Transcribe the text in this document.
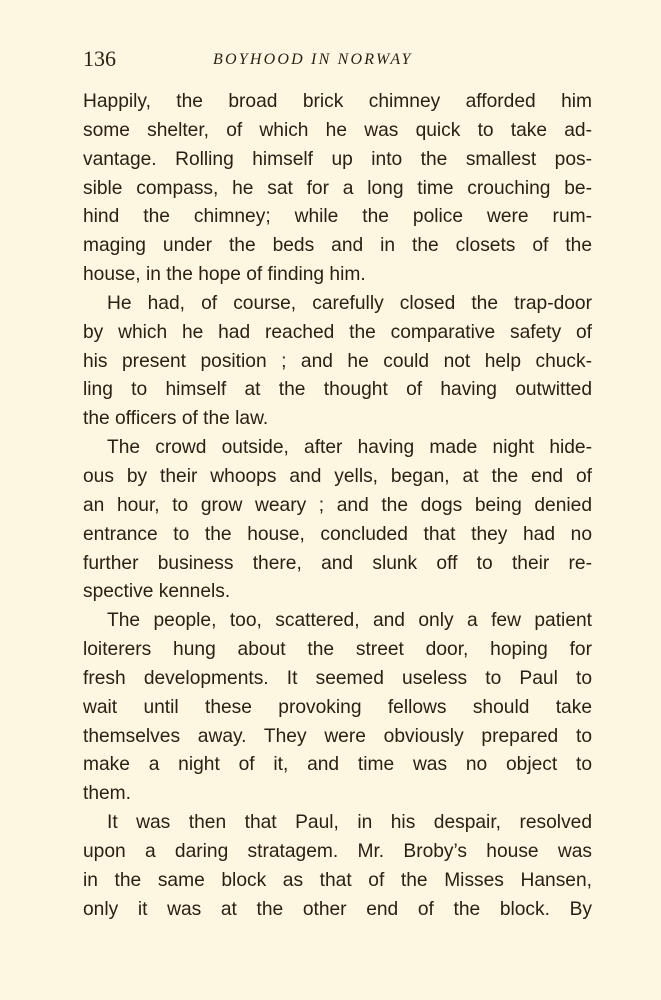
136	BOYHOOD IN NORWAY
Happily, the broad brick chimney afforded him
some shelter, of which he was quick to take ad-
vantage. Rolling himself up into the smallest pos-
sible compass, he sat for a long time crouching be-
hind the chimney; while the police were rum-
maging under the beds and in the closets of the
house, in the hope of finding him.
He had, of course, carefully closed the trap-door
by which he had reached the comparative safety of
his present position ; and he could not help chuck-
ling to himself at the thought of having outwitted
the officers of the law.
The crowd outside, after having made night hide-
ous by their whoops and yells, began, at the end of
an hour, to grow weary ; and the dogs being denied
entrance to the house, concluded that they had no
further business there, and slunk off to their re-
spective kennels.
The people, too, scattered, and only a few patient
loiterers hung about the street door, hoping for
fresh developments. It seemed useless to Paul to
wait until these provoking fellows should take
themselves away. They were obviously prepared to
make a night of it, and time was no object to
them.
It was then that Paul, in his despair, resolved
upon a daring stratagem. Mr. Broby’s house was
in the same block as that of the Misses Hansen,
only it was at the other end of the block. By
